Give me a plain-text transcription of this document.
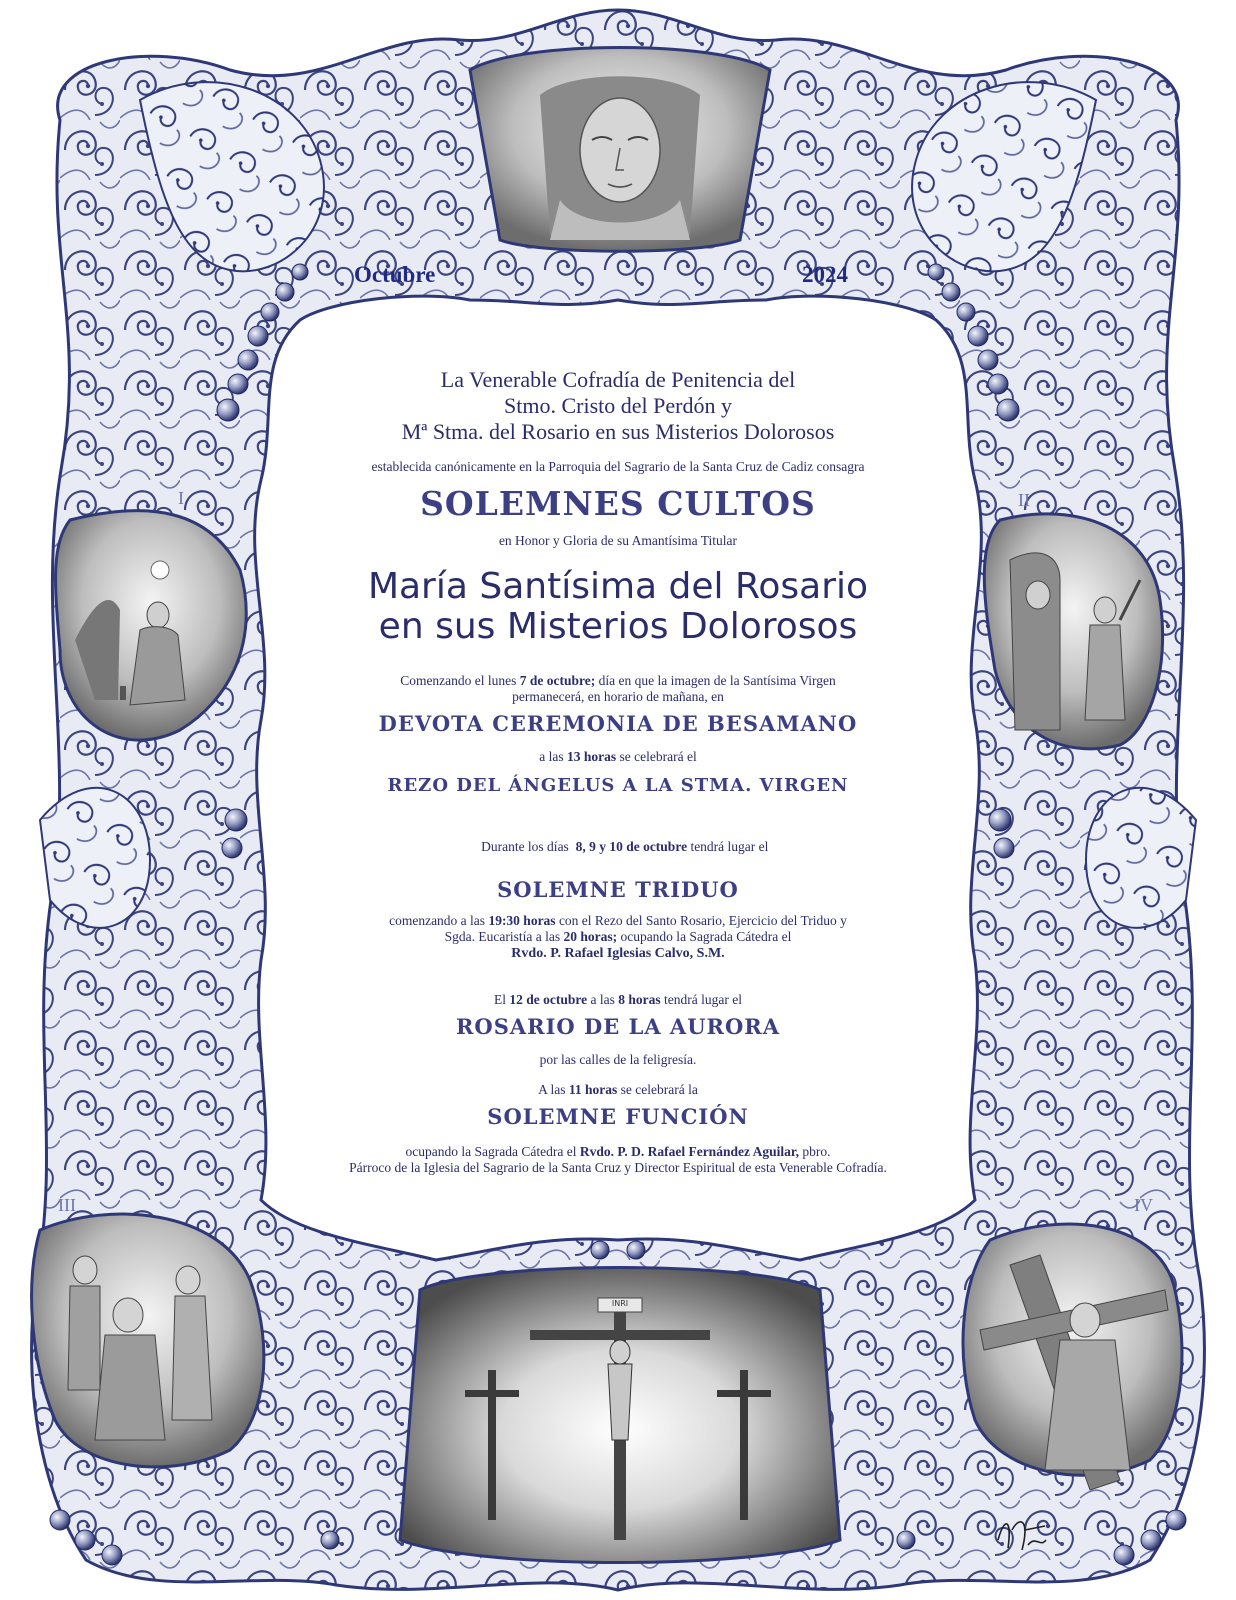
INRI
I	II
III	IV
Octubre	2024
La Venerable Cofradía de Penitencia del
Stmo. Cristo del Perdón y
Mª Stma. del Rosario en sus Misterios Dolorosos
establecida canónicamente en la Parroquia del Sagrario de la Santa Cruz de Cadiz consagra
SOLEMNES CULTOS
en Honor y Gloria de su Amantísima Titular
María Santísima del Rosario
en sus Misterios Dolorosos
Comenzando el lunes 7 de octubre; día en que la imagen de la Santísima Virgen
permanecerá, en horario de mañana, en
DEVOTA CEREMONIA DE BESAMANO
a las 13 horas se celebrará el
REZO DEL ÁNGELUS A LA STMA. VIRGEN

Durante los días  8, 9 y 10 de octubre tendrá lugar el

SOLEMNE TRIDUO
comenzando a las 19:30 horas con el Rezo del Santo Rosario, Ejercicio del Triduo y
Sgda. Eucaristía a las 20 horas; ocupando la Sagrada Cátedra el
Rvdo. P. Rafael Iglesias Calvo, S.M.
El 12 de octubre a las 8 horas tendrá lugar el
ROSARIO DE LA AURORA
por las calles de la feligresía.
A las 11 horas se celebrará la
SOLEMNE FUNCIÓN
ocupando la Sagrada Cátedra el Rvdo. P. D. Rafael Fernández Aguilar, pbro.
Párroco de la Iglesia del Sagrario de la Santa Cruz y Director Espiritual de esta Venerable Cofradía.
